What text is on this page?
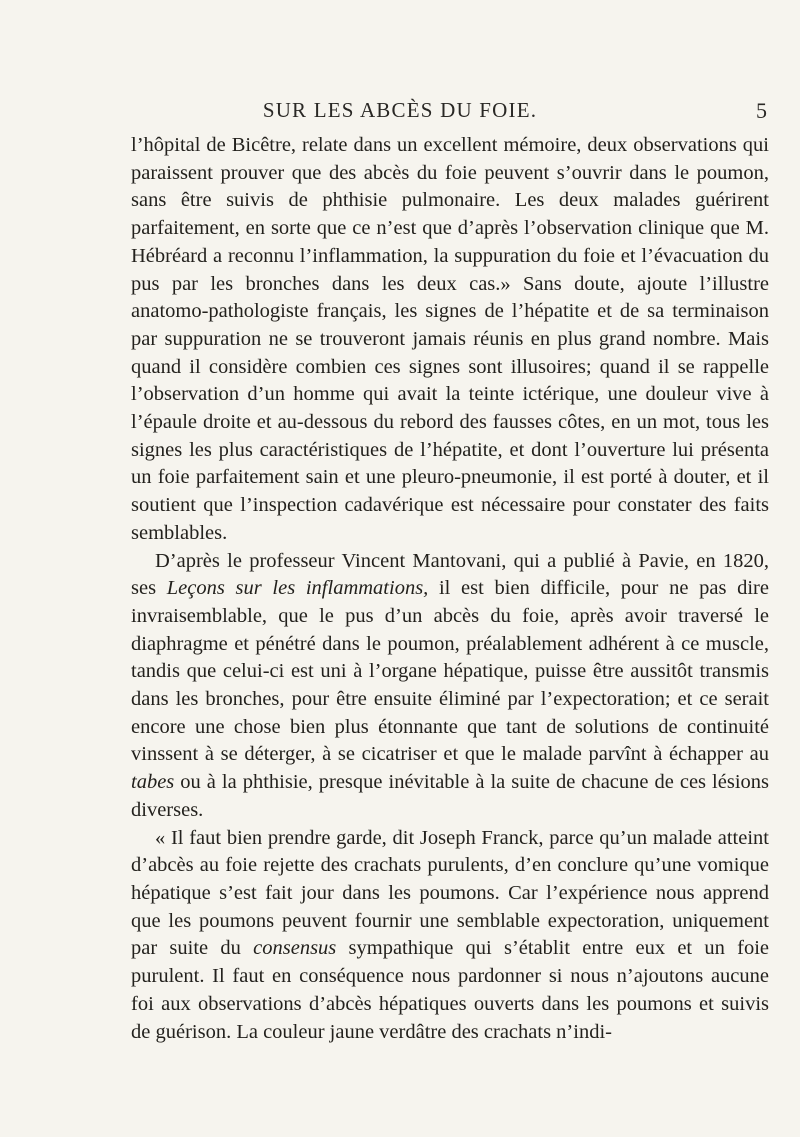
SUR LES ABCÈS DU FOIE.	5

l’hôpital de Bicêtre, relate dans un excellent mémoire, deux observations qui paraissent prouver que des abcès du foie peuvent s’ouvrir dans le poumon, sans être suivis de phthisie pulmonaire. Les deux malades guérirent parfaitement, en sorte que ce n’est que d’après l’observation clinique que M. Hébréard a reconnu l’inflammation, la suppuration du foie et l’évacuation du pus par les bronches dans les deux cas.» Sans doute, ajoute l’illustre anatomo-pathologiste français, les signes de l’hépatite et de sa terminaison par suppuration ne se trouveront jamais réunis en plus grand nombre. Mais quand il considère combien ces signes sont illusoires; quand il se rappelle l’observation d’un homme qui avait la teinte ictérique, une douleur vive à l’épaule droite et au-dessous du rebord des fausses côtes, en un mot, tous les signes les plus caractéristiques de l’hépatite, et dont l’ouverture lui présenta un foie parfaitement sain et une pleuro-pneumonie, il est porté à douter, et il soutient que l’inspection cadavérique est nécessaire pour constater des faits semblables.

D’après le professeur Vincent Mantovani, qui a publié à Pavie, en 1820, ses Leçons sur les inflammations, il est bien difficile, pour ne pas dire invraisemblable, que le pus d’un abcès du foie, après avoir traversé le diaphragme et pénétré dans le poumon, préalablement adhérent à ce muscle, tandis que celui-ci est uni à l’organe hépatique, puisse être aussitôt transmis dans les bronches, pour être ensuite éliminé par l’expectoration; et ce serait encore une chose bien plus étonnante que tant de solutions de continuité vinssent à se déterger, à se cicatriser et que le malade parvînt à échapper au tabes ou à la phthisie, presque inévitable à la suite de chacune de ces lésions diverses.

« Il faut bien prendre garde, dit Joseph Franck, parce qu’un malade atteint d’abcès au foie rejette des crachats purulents, d’en conclure qu’une vomique hépatique s’est fait jour dans les poumons. Car l’expérience nous apprend que les poumons peuvent fournir une semblable expectoration, uniquement par suite du consensus sympathique qui s’établit entre eux et un foie purulent. Il faut en conséquence nous pardonner si nous n’ajoutons aucune foi aux observations d’abcès hépatiques ouverts dans les poumons et suivis de guérison. La couleur jaune verdâtre des crachats n’indi-
